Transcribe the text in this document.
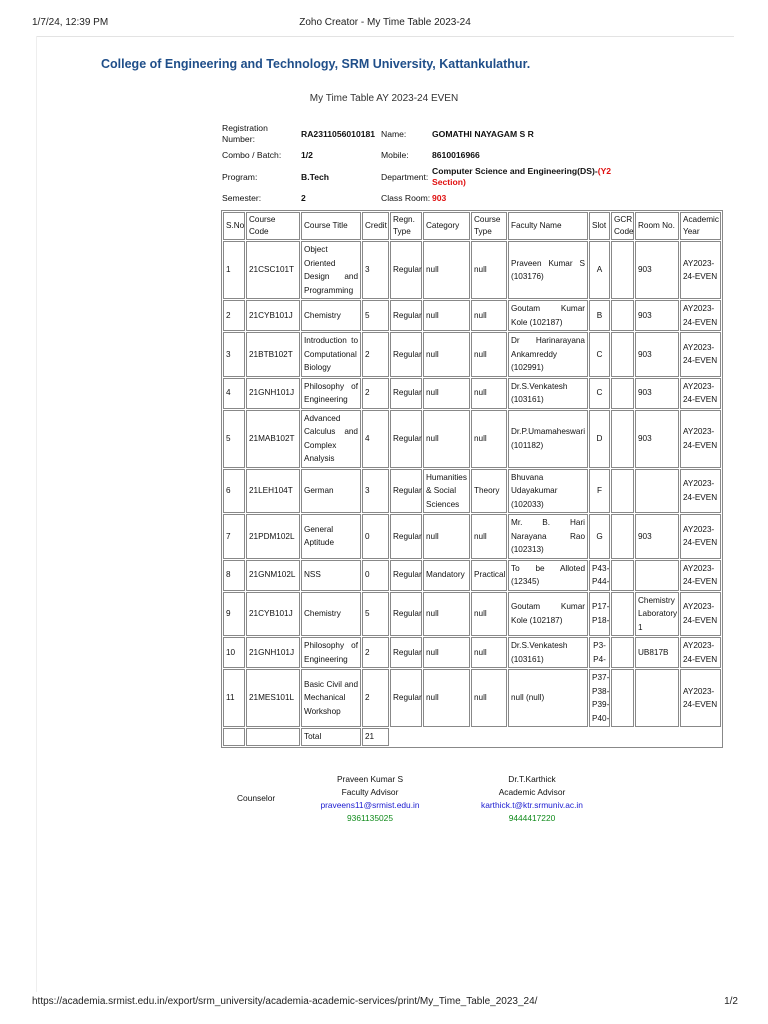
1/7/24, 12:39 PM	Zoho Creator - My Time Table 2023-24
College of Engineering and Technology, SRM University, Kattankulathur.
My Time Table AY 2023-24 EVEN
Registration Number:	RA2311056010181	Name:	GOMATHI NAYAGAM S R
Combo / Batch:	1/2	Mobile:	8610016966
Program:	B.Tech	Department:	Computer Science and Engineering(DS)-(Y2 Section)
Semester:	2	Class Room:	903
S.No	Course Code	Course Title	Credit	Regn. Type	Category	Course Type	Faculty Name	Slot	GCR Code	Room No.	Academic Year
1	21CSC101T	Object Oriented Design and Programming	3	Regular	null	null	Praveen Kumar S (103176)	A		903	AY2023-24-EVEN
2	21CYB101J	Chemistry	5	Regular	null	null	Goutam Kumar Kole (102187)	B		903	AY2023-24-EVEN
3	21BTB102T	Introduction to Computational Biology	2	Regular	null	null	Dr Harinarayana Ankamreddy (102991)	C		903	AY2023-24-EVEN
4	21GNH101J	Philosophy of Engineering	2	Regular	null	null	Dr.S.Venkatesh (103161)	C		903	AY2023-24-EVEN
5	21MAB102T	Advanced Calculus and Complex Analysis	4	Regular	null	null	Dr.P.Umamaheswari (101182)	D		903	AY2023-24-EVEN
6	21LEH104T	German	3	Regular	Humanities & Social Sciences	Theory	Bhuvana Udayakumar (102033)	F			AY2023-24-EVEN
7	21PDM102L	General Aptitude	0	Regular	null	null	Mr. B. Hari Narayana Rao (102313)	G		903	AY2023-24-EVEN
8	21GNM102L	NSS	0	Regular	Mandatory	Practical	To be Alloted (12345)	P43-P44-			AY2023-24-EVEN
9	21CYB101J	Chemistry	5	Regular	null	null	Goutam Kumar Kole (102187)	P17-P18-		Chemistry Laboratory 1	AY2023-24-EVEN
10	21GNH101J	Philosophy of Engineering	2	Regular	null	null	Dr.S.Venkatesh (103161)	P3-P4-		UB817B	AY2023-24-EVEN
11	21MES101L	Basic Civil and Mechanical Workshop	2	Regular	null	null	null (null)	P37-P38-P39-P40-			AY2023-24-EVEN
		Total	21								
Counselor
Praveen Kumar S
Faculty Advisor
praveens11@srmist.edu.in
9361135025
Dr.T.Karthick
Academic Advisor
karthick.t@ktr.srmuniv.ac.in
9444417220
https://academia.srmist.edu.in/export/srm_university/academia-academic-services/print/My_Time_Table_2023_24/	1/2
